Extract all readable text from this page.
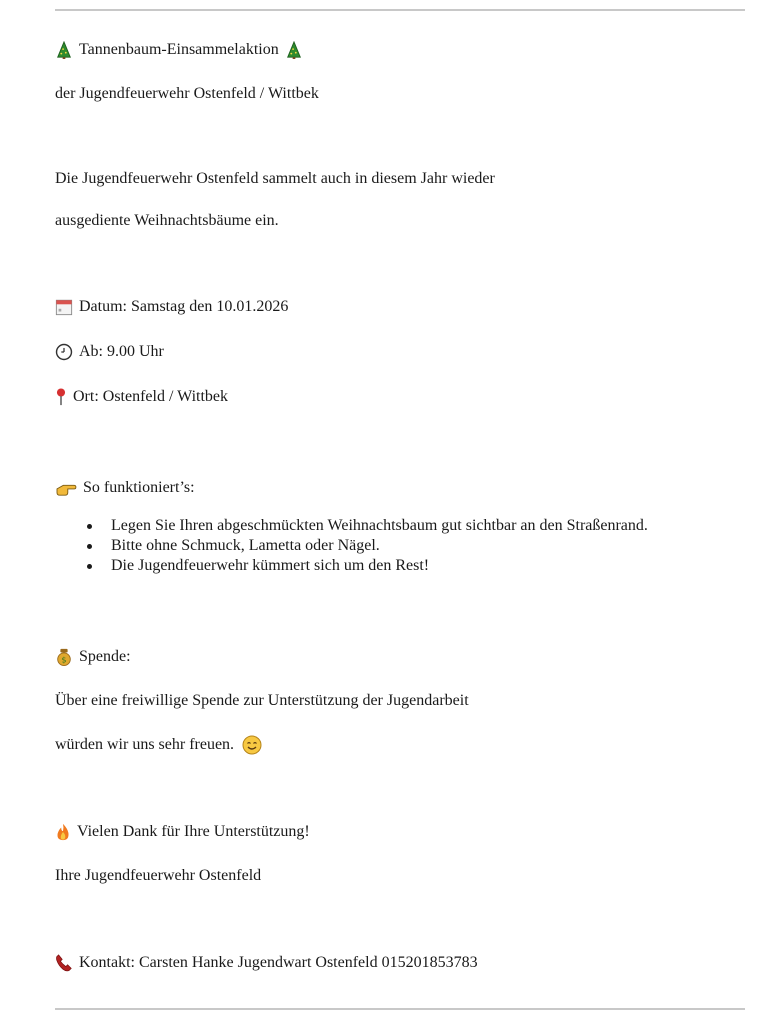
Tannenbaum-Einsammelaktion
der Jugendfeuerwehr Ostenfeld / Wittbek
Die Jugendfeuerwehr Ostenfeld sammelt auch in diesem Jahr wieder
ausgediente Weihnachtsbäume ein.
Datum: Samstag den 10.01.2026
Ab: 9.00 Uhr
Ort: Ostenfeld / Wittbek
So funktioniert’s:
Legen Sie Ihren abgeschmückten Weihnachtsbaum gut sichtbar an den Straßenrand.
Bitte ohne Schmuck, Lametta oder Nägel.
Die Jugendfeuerwehr kümmert sich um den Rest!
$ Spende:
Über eine freiwillige Spende zur Unterstützung der Jugendarbeit
würden wir uns sehr freuen.
Vielen Dank für Ihre Unterstützung!
Ihre Jugendfeuerwehr Ostenfeld
Kontakt: Carsten Hanke Jugendwart Ostenfeld 015201853783
